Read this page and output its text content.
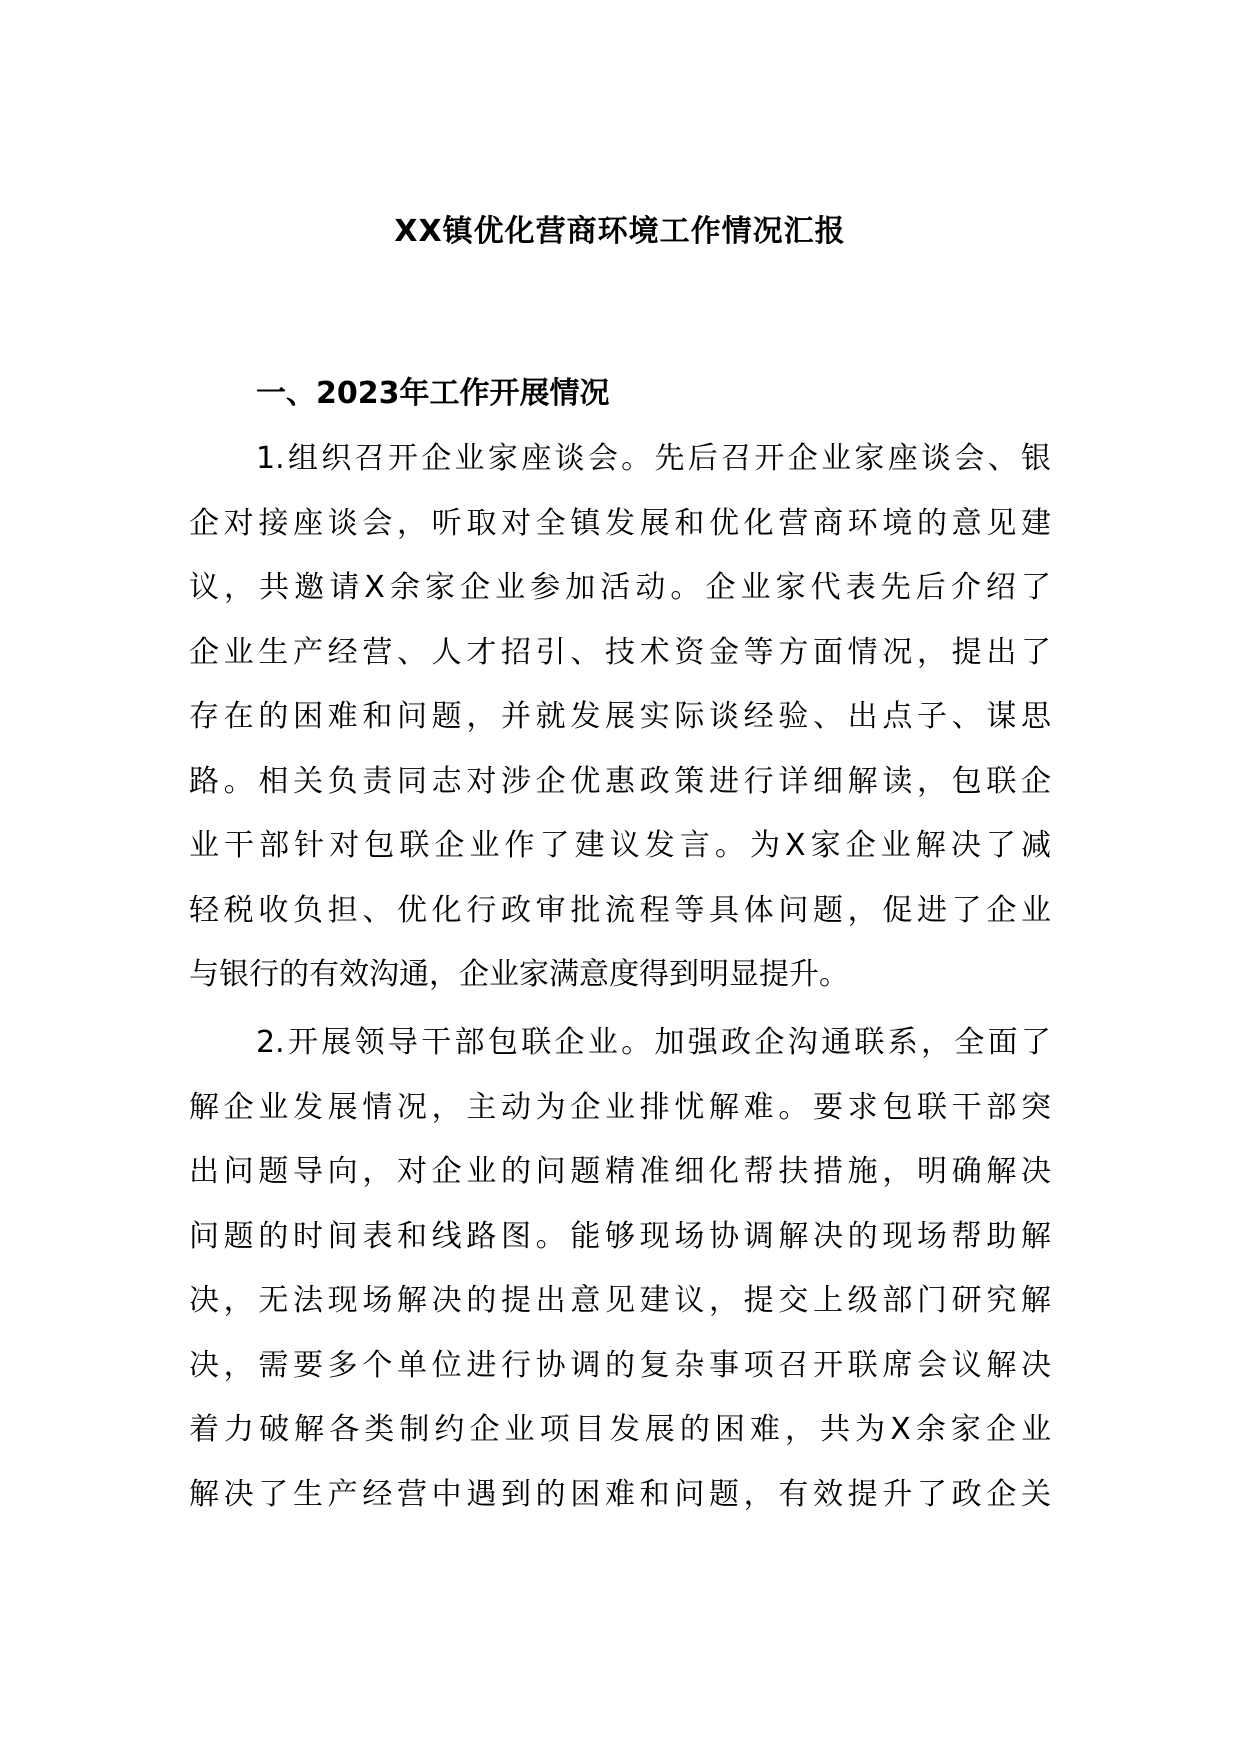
XX镇优化营商环境工作情况汇报
一、2023年工作开展情况
1.组织召开企业家座谈会。先后召开企业家座谈会、银
企对接座谈会，听取对全镇发展和优化营商环境的意见建
议，共邀请X余家企业参加活动。企业家代表先后介绍了
企业生产经营、人才招引、技术资金等方面情况，提出了
存在的困难和问题，并就发展实际谈经验、出点子、谋思
路。相关负责同志对涉企优惠政策进行详细解读，包联企
业干部针对包联企业作了建议发言。为X家企业解决了减
轻税收负担、优化行政审批流程等具体问题，促进了企业
与银行的有效沟通，企业家满意度得到明显提升。
2.开展领导干部包联企业。加强政企沟通联系，全面了
解企业发展情况，主动为企业排忧解难。要求包联干部突
出问题导向，对企业的问题精准细化帮扶措施，明确解决
问题的时间表和线路图。能够现场协调解决的现场帮助解
决，无法现场解决的提出意见建议，提交上级部门研究解
决，需要多个单位进行协调的复杂事项召开联席会议解决
着力破解各类制约企业项目发展的困难，共为X余家企业
解决了生产经营中遇到的困难和问题，有效提升了政企关
